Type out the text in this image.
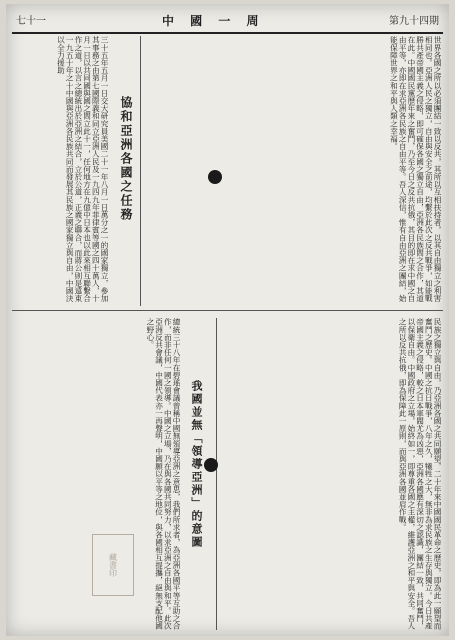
七十一	中 國 一 周	第九十四期
協和亞洲各國之任務
三十五年五月一日交大研究員美國二十一年八月一日萬分之一的國家獨立，參加其事務之由第七國際義和同立亞洲人民及一九四九年菲律賓等國之四十萬人，十月一日以共同國與國之間立此十一，任何地方在九億中日本也以此來相互聯繫合作之道，以言之總統出於亞洲之結合，立於公道，正義之聯合，而蔣公則是遠東一九五十年之十中國與亞洲各民族共同而發展其民族之國家獨立與自由，中國決以全力援助	世界各國之所以必須團結一致以反共，其所以互相扶持者，以其自由獨立之利害相同也。亞洲人民之獨立，自由與安全之前途，均繫於此次之反共戰爭，如能戰勝共產帝國主義之侵略，即可確保各國之獨立自由，亞洲各民族間之合作，其道在此。中國國民黨歷年來之奮鬥，乃至今日之反共抗俄，其目的即在求中國之自由平等，亦即在求亞洲各民族之自由平等。吾人深信，惟有自由亞洲之團結，始能保障世界之和平與人類之幸福。
總統三十八年在碧瑤會議曾稱中國無領導亞洲之意思，我們所求者，為亞洲各國平等互助之合作，而非任何一國之領導。中國之立場，乃在與各國共同努力，以求亞洲之自由與和平。此次亞洲反共會議，中國代表亦一再聲明，中國願以平等之地位，與各國相互提攜，絕無支配他國之野心。
我國並無「領導亞洲」的意圖
民族之獨立與自由，乃亞洲各國之共同願望，二十年來中國國民革命之歷史，即為此一願望而奮鬥之歷史。中國之抗日戰爭，八年之久，犧牲之大，無非為求民族之生存與獨立。今日共產帝國主義之侵略，較之日本軍閥尤為凶惡，亞洲各國應有深切之認識，團結一致，共同奮鬥，以保衛自由。中國政府之立場，始終如一，即尊重各國之主權，維護亞洲之和平與安全。吾人之所以反共抗俄，即為保障此一原則，而與亞洲各國並肩作戰。
藏書印
